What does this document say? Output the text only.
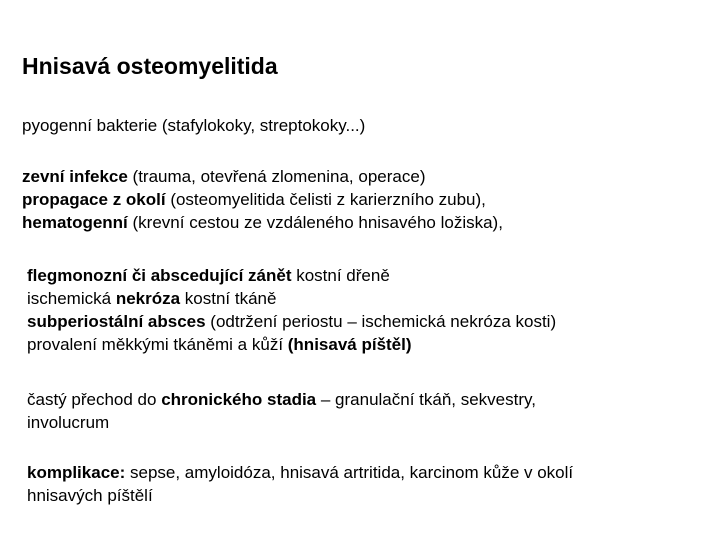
Hnisavá osteomyelitida
pyogenní bakterie (stafylokoky, streptokoky...)
zevní infekce (trauma, otevřená zlomenina, operace)
propagace z okolí (osteomyelitida čelisti z karierzního zubu),
hematogenní (krevní cestou ze vzdáleného hnisavého ložiska),
flegmonozní či abscedující zánět kostní dřeně
ischemická nekróza kostní tkáně
subperiostální absces (odtržení periostu – ischemická nekróza kosti)
provalení měkkými tkáněmi a kůží (hnisavá píštěl)
častý přechod do chronického stadia – granulační tkáň, sekvestry,
involucrum
komplikace: sepse, amyloidóza, hnisavá artritida, karcinom kůže v okolí
hnisavých píštělí
